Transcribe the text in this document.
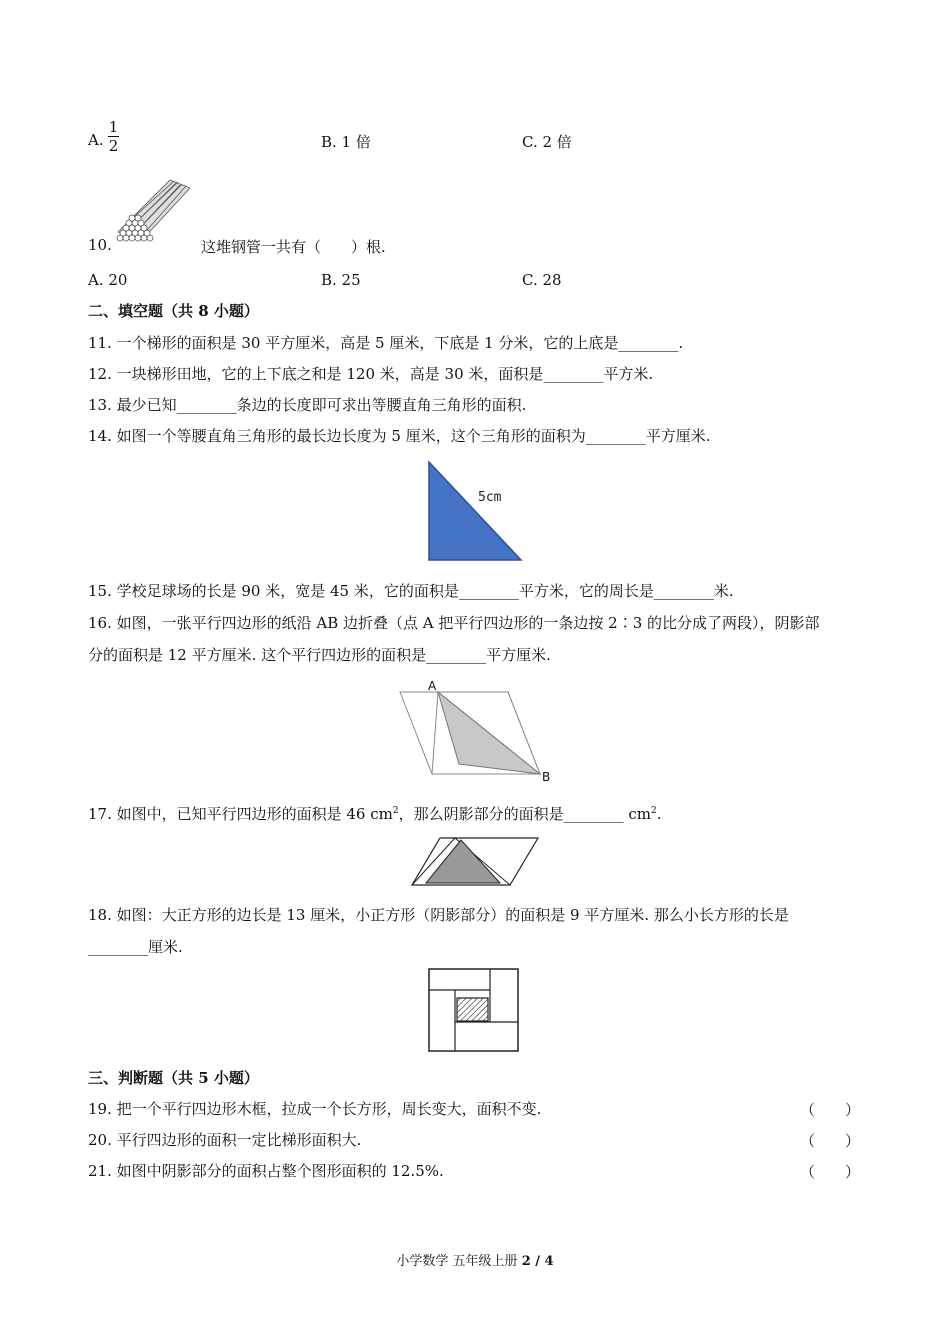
A.
1
2	B. 1 倍	C. 2 倍
10.	这堆钢管一共有（　　）根.
A. 20	B. 25	C. 28
二、填空题（共 8 小题）
11. 一个梯形的面积是 30 平方厘米，高是 5 厘米，下底是 1 分米，它的上底是________.
12. 一块梯形田地，它的上下底之和是 120 米，高是 30 米，面积是________平方米.
13. 最少已知________条边的长度即可求出等腰直角三角形的面积.
14. 如图一个等腰直角三角形的最长边长度为 5 厘米，这个三角形的面积为________平方厘米.
5cm
15. 学校足球场的长是 90 米，宽是 45 米，它的面积是________平方米，它的周长是________米.
16. 如图，一张平行四边形的纸沿 AB 边折叠（点 A 把平行四边形的一条边按 2∶3 的比分成了两段），阴影部
分的面积是 12 平方厘米. 这个平行四边形的面积是________平方厘米.
A
B
17. 如图中，已知平行四边形的面积是 46 $cm^2$，那么阴影部分的面积是________ $cm^2$.
18. 如图：大正方形的边长是 13 厘米，小正方形（阴影部分）的面积是 9 平方厘米. 那么小长方形的长是
________厘米.
三、判断题（共 5 小题）
19. 把一个平行四边形木框，拉成一个长方形，周长变大，面积不变.	（　　）
20. 平行四边形的面积一定比梯形面积大.	（　　）
21. 如图中阴影部分的面积占整个图形面积的 12.5%.	（　　）
小学数学 五年级上册 2 / 4
